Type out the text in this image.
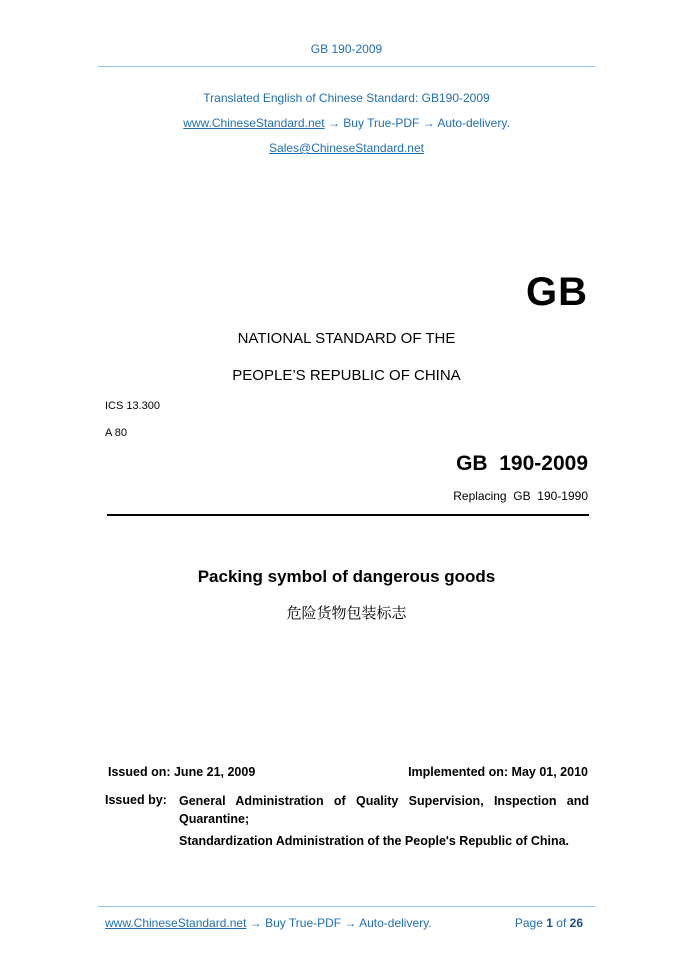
GB 190-2009
Translated English of Chinese Standard: GB190-2009
www.ChineseStandard.net → Buy True-PDF → Auto-delivery.
Sales@ChineseStandard.net
GB
NATIONAL STANDARD OF THE
PEOPLE’S REPUBLIC OF CHINA
ICS 13.300
A 80
GB  190-2009
Replacing  GB  190-1990
Packing symbol of dangerous goods
危险货物包装标志
Issued on: June 21, 2009	Implemented on: May 01, 2010
Issued by: General Administration of Quality Supervision, Inspection and Quarantine;
Standardization Administration of the People's Republic of China.
www.ChineseStandard.net → Buy True-PDF → Auto-delivery.	Page 1 of 26
